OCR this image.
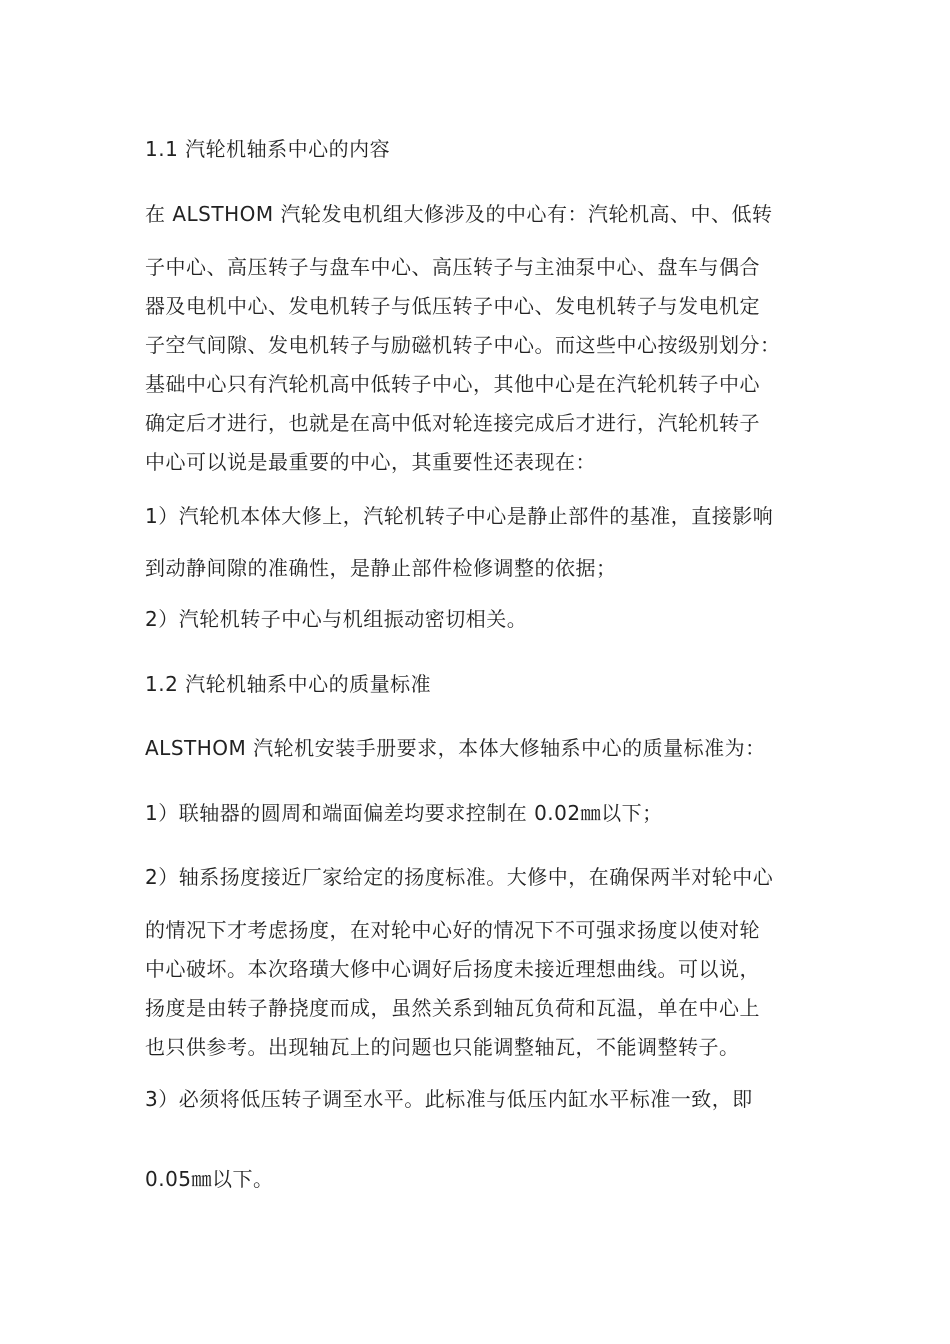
1.1 汽轮机轴系中心的内容

在 ALSTHOM 汽轮发电机组大修涉及的中心有：汽轮机高、中、低转

子中心、高压转子与盘车中心、高压转子与主油泵中心、盘车与偶合

器及电机中心、发电机转子与低压转子中心、发电机转子与发电机定

子空气间隙、发电机转子与励磁机转子中心。而这些中心按级别划分：

基础中心只有汽轮机高中低转子中心，其他中心是在汽轮机转子中心

确定后才进行，也就是在高中低对轮连接完成后才进行，汽轮机转子

中心可以说是最重要的中心，其重要性还表现在：

1）汽轮机本体大修上，汽轮机转子中心是静止部件的基准，直接影响

到动静间隙的准确性，是静止部件检修调整的依据；

2）汽轮机转子中心与机组振动密切相关。

1.2 汽轮机轴系中心的质量标准

ALSTHOM 汽轮机安装手册要求，本体大修轴系中心的质量标准为：

1）联轴器的圆周和端面偏差均要求控制在 0.02㎜以下；

2）轴系扬度接近厂家给定的扬度标准。大修中，在确保两半对轮中心

的情况下才考虑扬度，在对轮中心好的情况下不可强求扬度以使对轮

中心破坏。本次珞璜大修中心调好后扬度未接近理想曲线。可以说，

扬度是由转子静挠度而成，虽然关系到轴瓦负荷和瓦温，单在中心上

也只供参考。出现轴瓦上的问题也只能调整轴瓦，不能调整转子。

3）必须将低压转子调至水平。此标准与低压内缸水平标准一致，即

0.05㎜以下。
